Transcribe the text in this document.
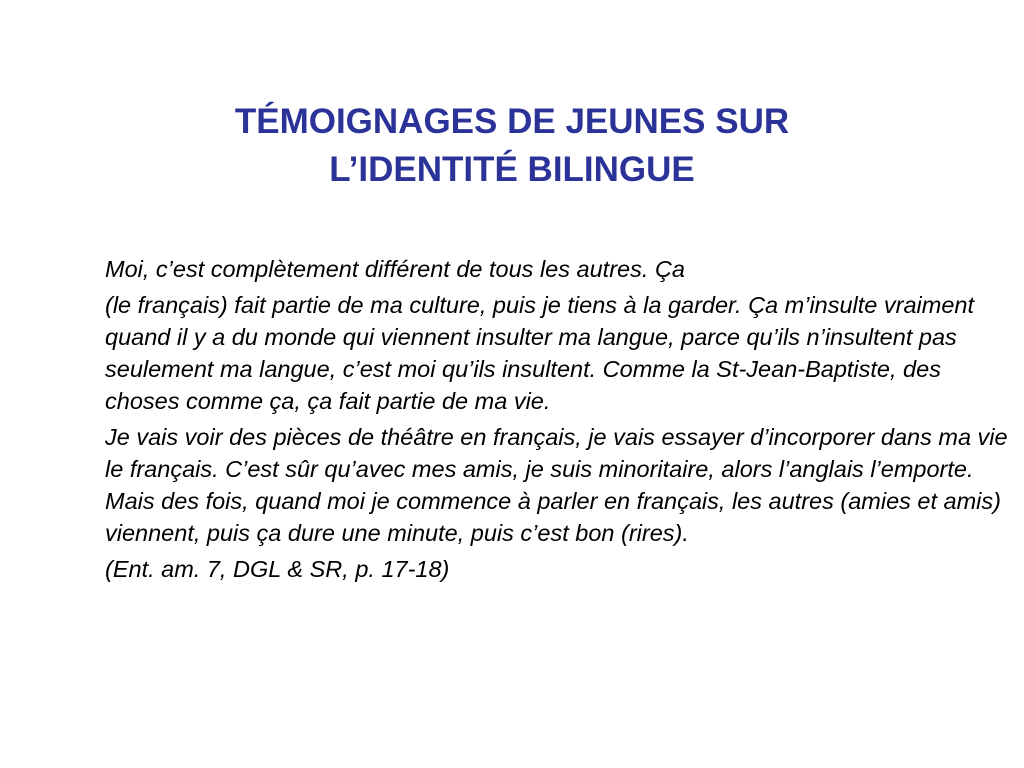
TÉMOIGNAGES DE JEUNES SUR
L’IDENTITÉ BILINGUE

Moi, c’est complètement différent de tous les autres. Ça

(le français) fait partie de ma culture, puis je tiens à la garder. Ça m’insulte vraiment quand il y a du monde qui viennent insulter ma langue, parce qu’ils n’insultent pas seulement ma langue, c’est moi qu’ils insultent. Comme la St-Jean-Baptiste, des choses comme ça, ça fait partie de ma vie.

Je vais voir des pièces de théâtre en français, je vais essayer d’incorporer dans ma vie le français. C’est sûr qu’avec mes amis, je suis minoritaire, alors l’anglais l’emporte. Mais des fois, quand moi je commence à parler en français, les autres (amies et amis) viennent, puis ça dure une minute, puis c’est bon (rires).

(Ent. am. 7, DGL & SR, p. 17-18)
